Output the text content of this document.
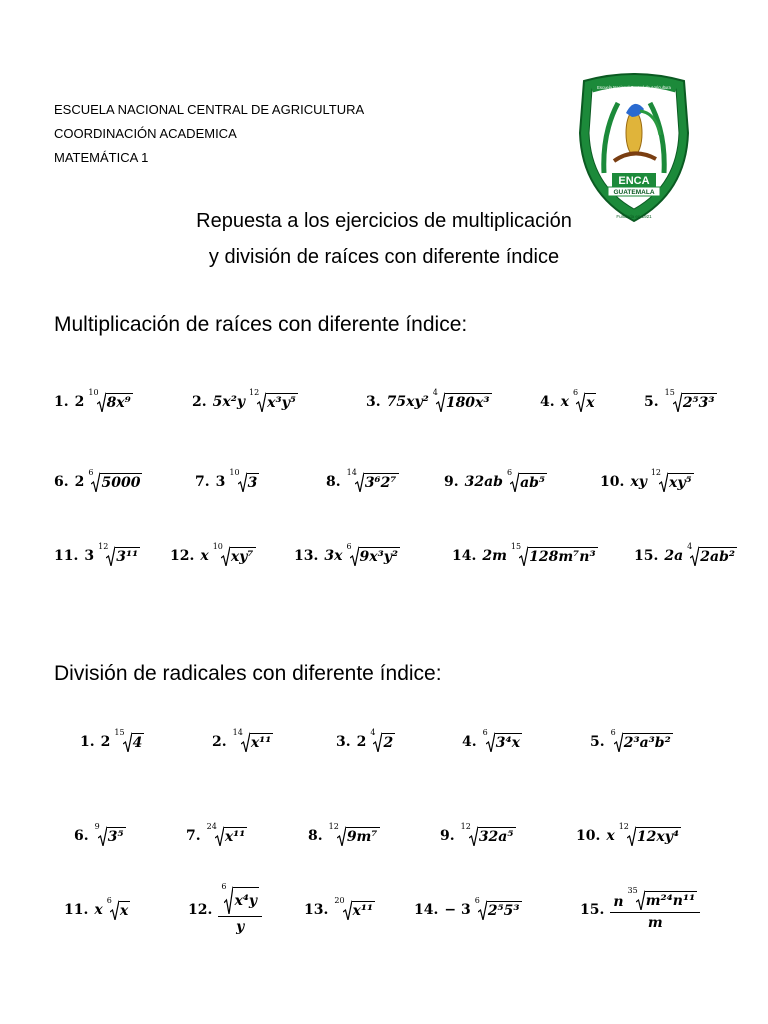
ESCUELA NACIONAL CENTRAL DE AGRICULTURA
COORDINACIÓN ACADEMICA
MATEMÁTICA 1
Escuela Nacional Central de Agricultura
ENCA
GUATEMALA
Fundada en 1921
Repuesta a los ejercicios de multiplicación
y división de raíces con diferente índice
Multiplicación de raíces con diferente índice:
1. 2
10
8x⁹	2. 5x²y
12
x³y⁵	3. 75xy²
4
180x³	4. x
6
x	5.
15
2⁵3³
6. 2
6
5000	7. 3
10
3	8.
14
3⁶2⁷	9. 32ab
6
ab⁵	10. xy
12
xy⁵
11. 3
12
3¹¹ 12. x
10
xy⁷	13. 3x
6
9x³y²	14. 2m
15
128m⁷n³	15. 2a
4
2ab²
División de radicales con diferente índice:
1. 2
15
4	2.
14
x¹¹	3. 2
4
2	4.
6
3⁴x	5.
6
2³a³b²
6.
9
3⁵	7.
24
x¹¹	8.
12
9m⁷	9.
12
32a⁵	10. x
12
12xy⁴
11. x
6
x	12. 6
x⁴y
y	13.
20
x¹¹	14. − 3
6
2⁵5³	15. n
35
m²⁴n¹¹
m
